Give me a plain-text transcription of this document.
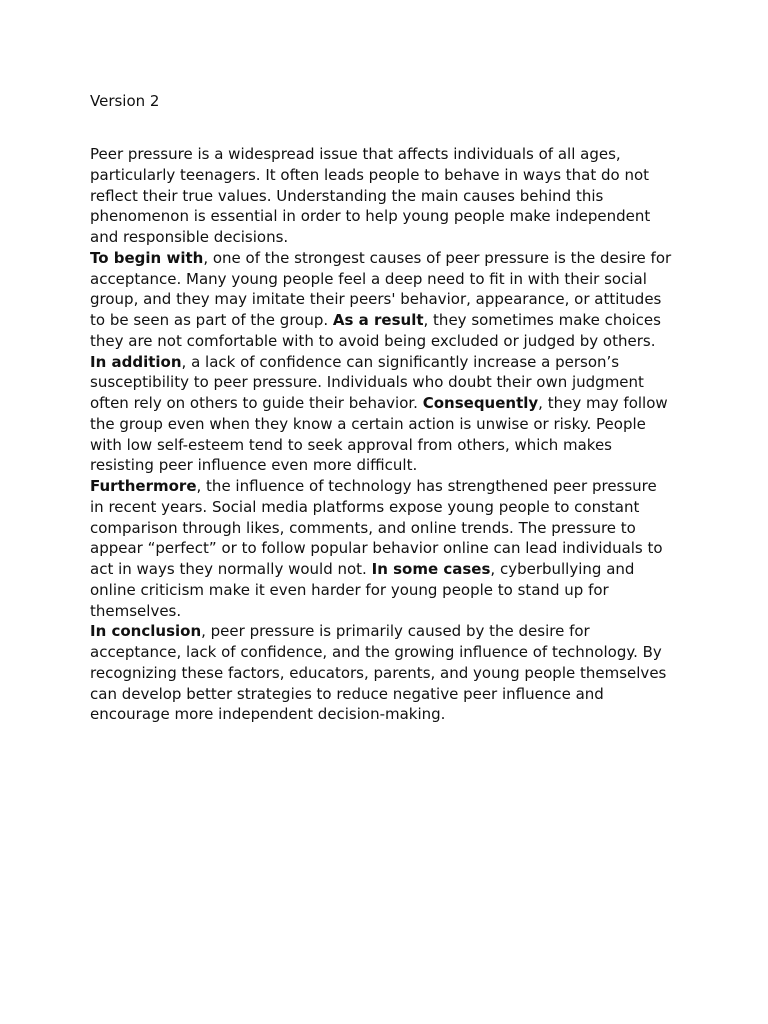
Version 2

Peer pressure is a widespread issue that affects individuals of all ages,
particularly teenagers. It often leads people to behave in ways that do not
reflect their true values. Understanding the main causes behind this
phenomenon is essential in order to help young people make independent
and responsible decisions.

To begin with, one of the strongest causes of peer pressure is the desire for
acceptance. Many young people feel a deep need to fit in with their social
group, and they may imitate their peers' behavior, appearance, or attitudes
to be seen as part of the group. As a result, they sometimes make choices
they are not comfortable with to avoid being excluded or judged by others.

In addition, a lack of confidence can significantly increase a person’s
susceptibility to peer pressure. Individuals who doubt their own judgment
often rely on others to guide their behavior. Consequently, they may follow
the group even when they know a certain action is unwise or risky. People
with low self-esteem tend to seek approval from others, which makes
resisting peer influence even more difficult.

Furthermore, the influence of technology has strengthened peer pressure
in recent years. Social media platforms expose young people to constant
comparison through likes, comments, and online trends. The pressure to
appear “perfect” or to follow popular behavior online can lead individuals to
act in ways they normally would not. In some cases, cyberbullying and
online criticism make it even harder for young people to stand up for
themselves.

In conclusion, peer pressure is primarily caused by the desire for
acceptance, lack of confidence, and the growing influence of technology. By
recognizing these factors, educators, parents, and young people themselves
can develop better strategies to reduce negative peer influence and
encourage more independent decision-making.
